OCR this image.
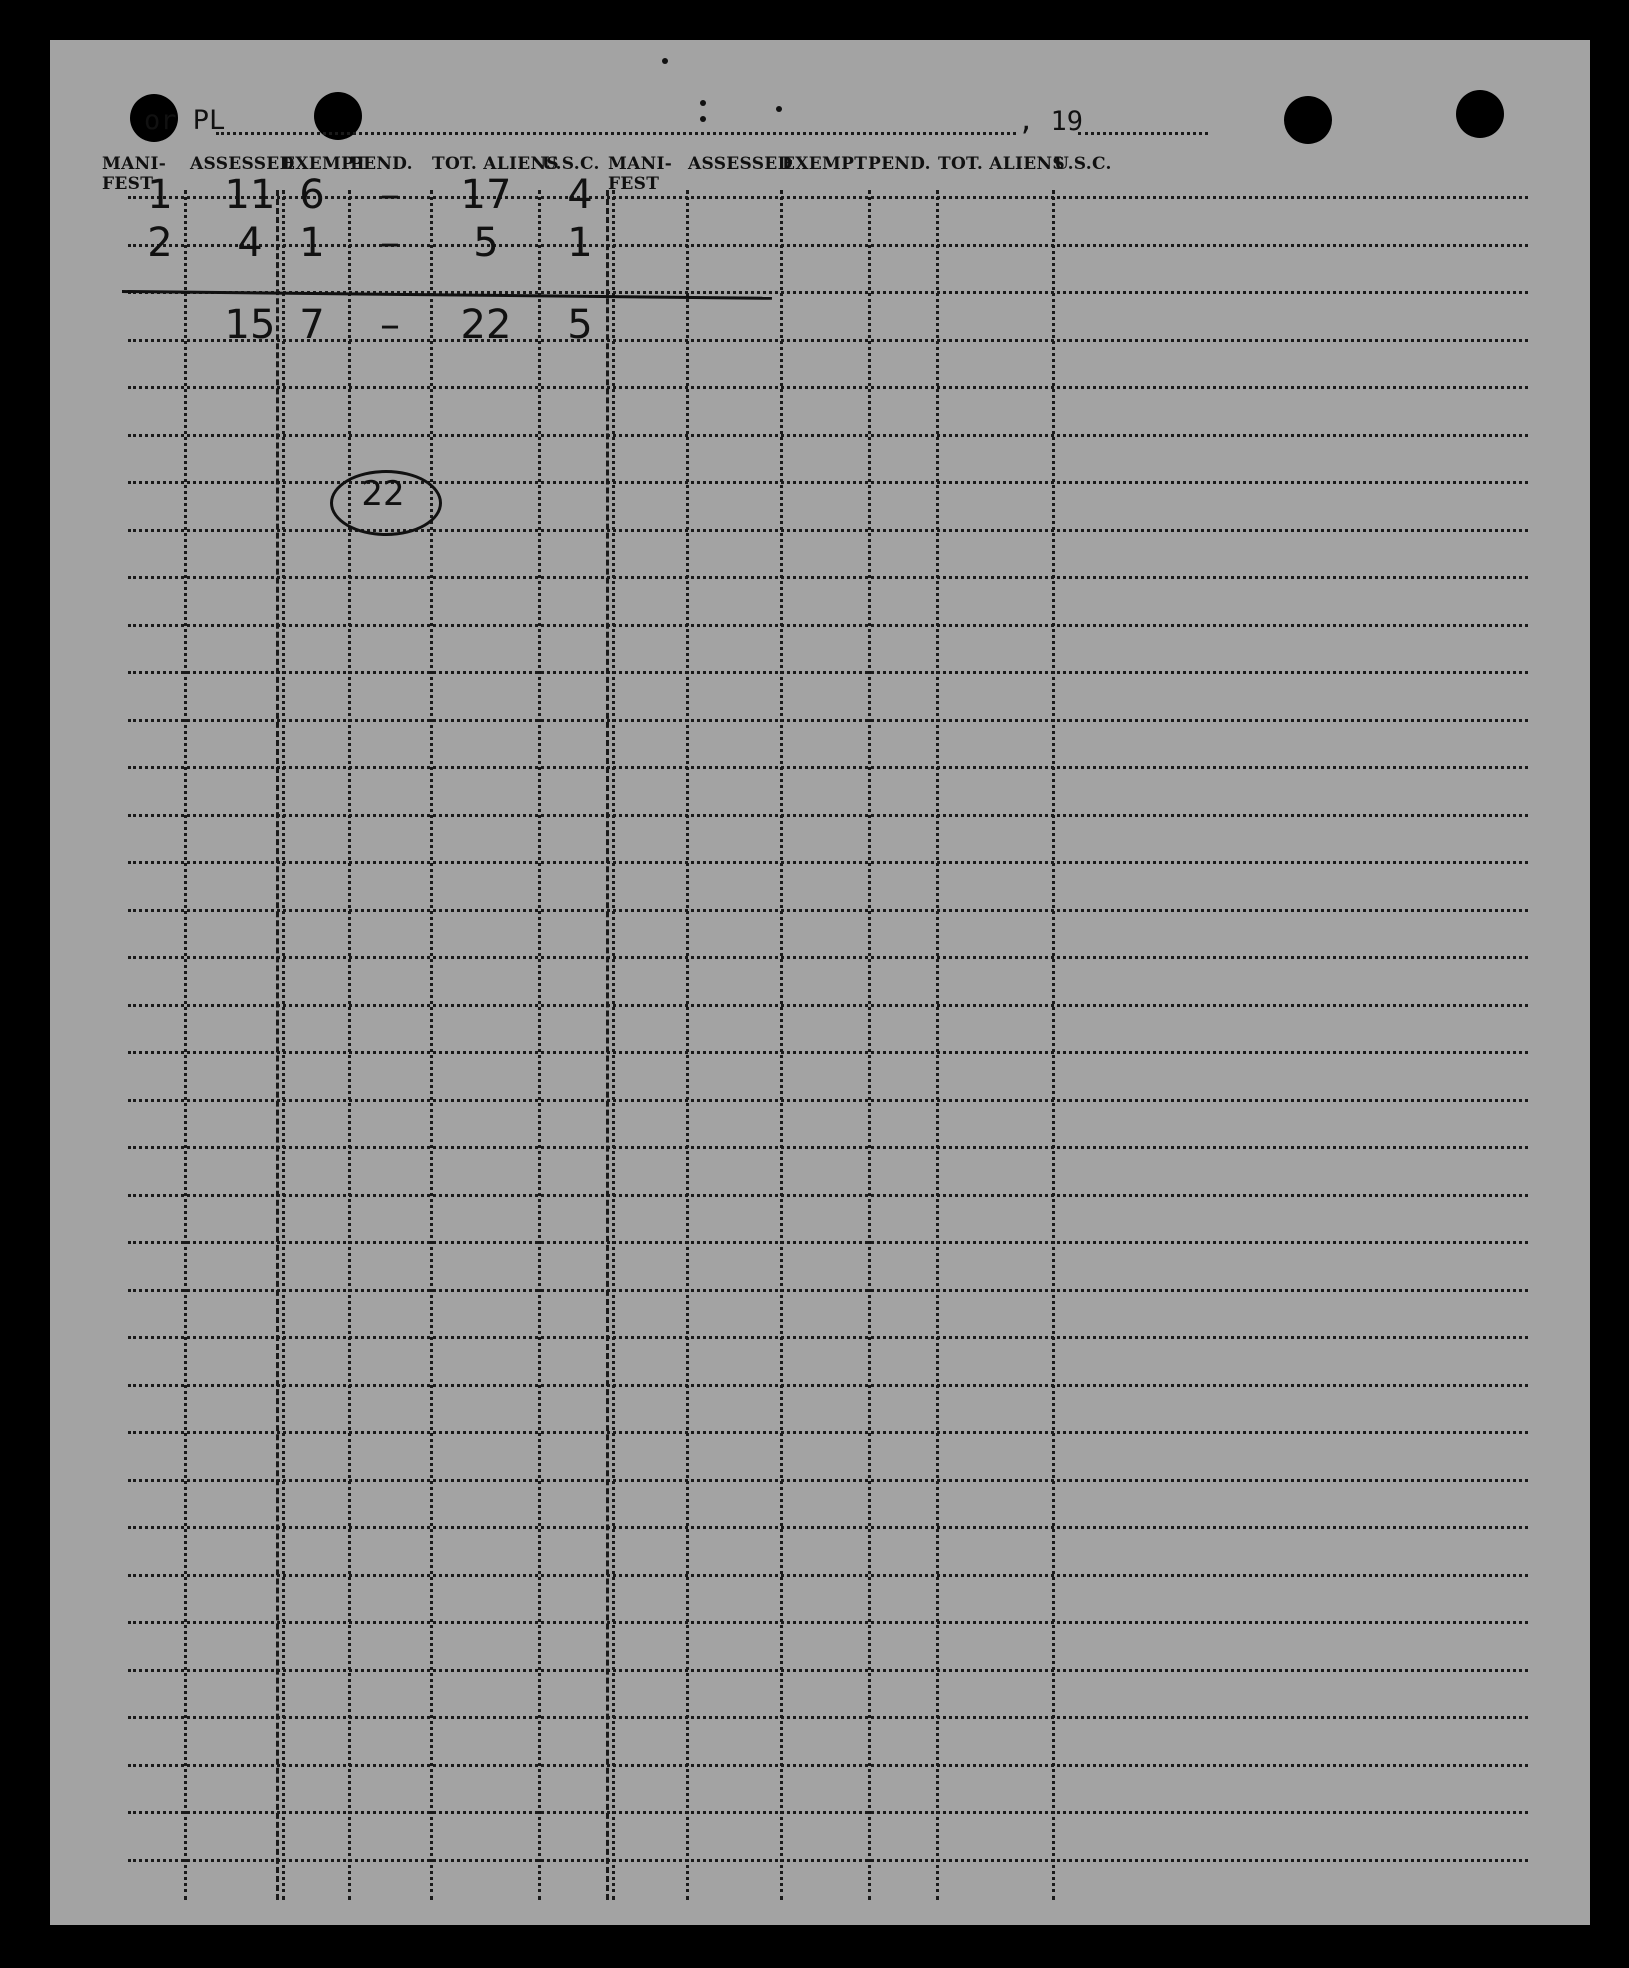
or PL	, 19
MANI-
FEST
ASSESSED
EXEMPT
PEND. TOT. ALIENS
U.S.C. MANI-
FEST
ASSESSED
EXEMPT PEND. TOT. ALIENS
U.S.C.
1 11 6 – 17 4
2 4 1 – 5 1
15 7 – 22 5
22
